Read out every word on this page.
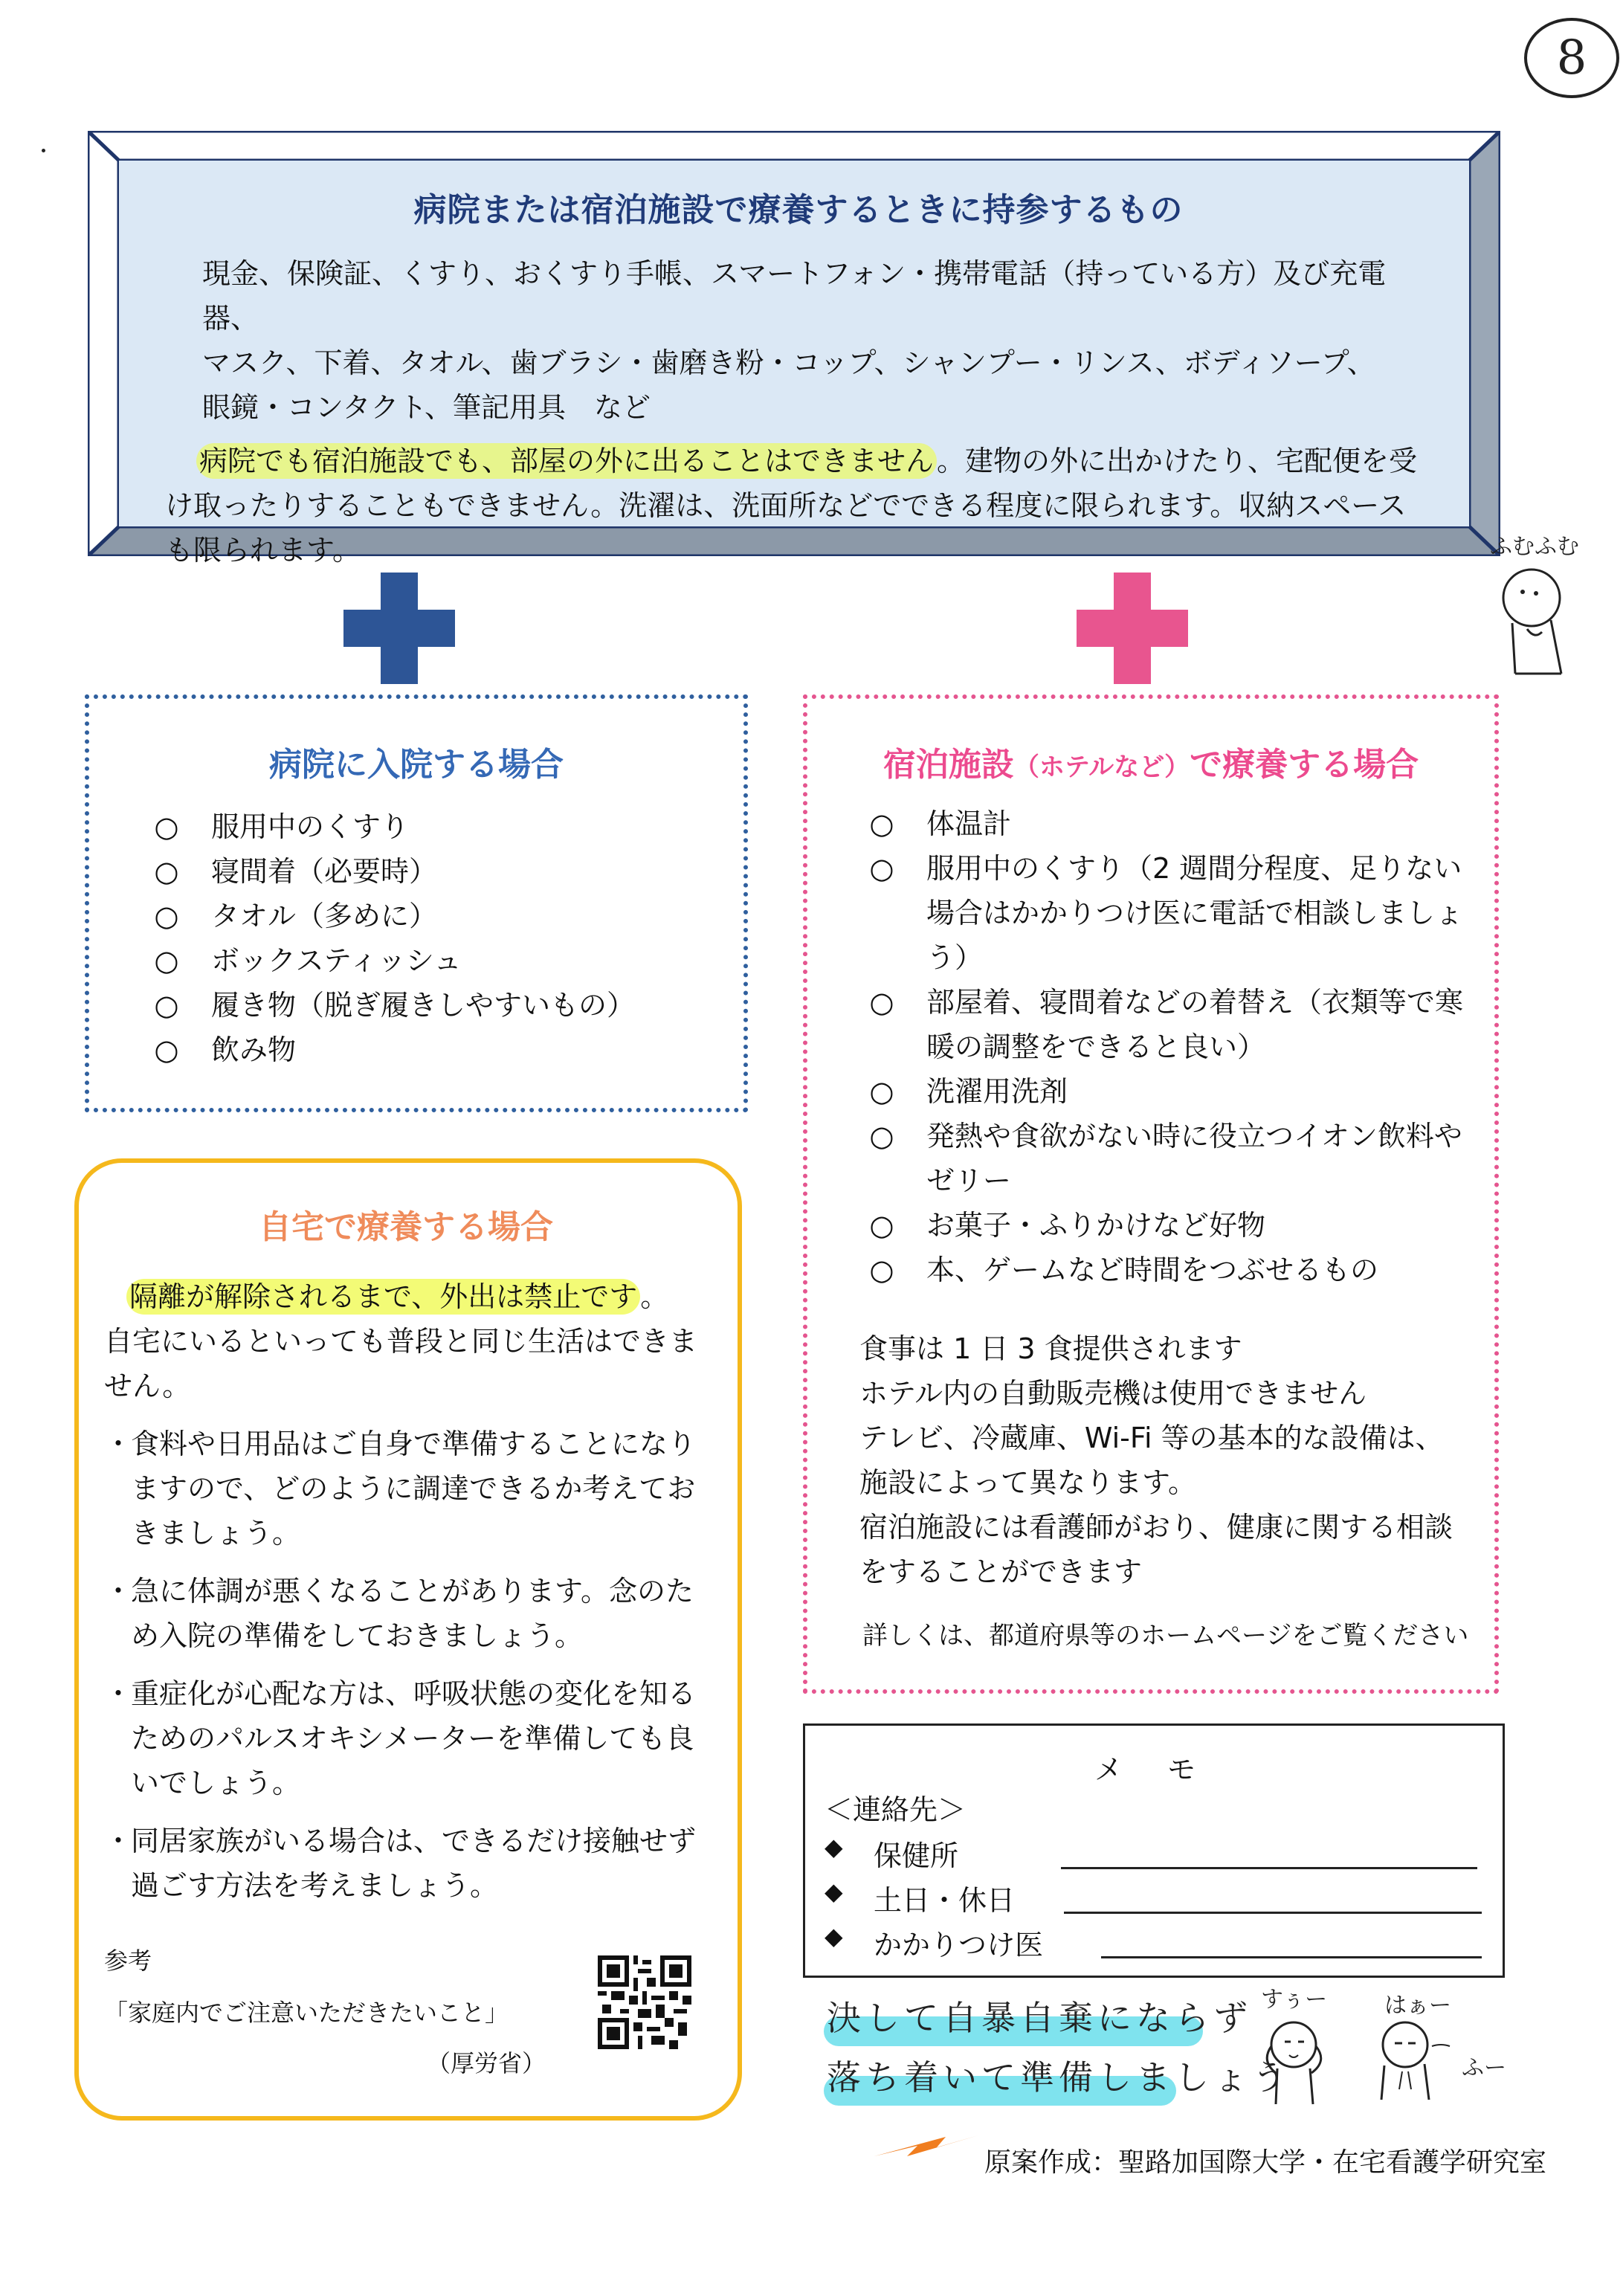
8
病院または宿泊施設で療養するときに持参するもの
現金、保険証、くすり、おくすり手帳、スマートフォン・携帯電話（持っている方）及び充電器、
マスク、下着、タオル、歯ブラシ・歯磨き粉・コップ、シャンプー・リンス、ボディソープ、
眼鏡・コンタクト、筆記用具　など
病院でも宿泊施設でも、部屋の外に出ることはできません 。建物の外に出かけたり、宅配便を受け取ったりすることもできません。洗濯は、洗面所などでできる程度に限られます。収納スペースも限られます。	ふむふむ
病院に入院する場合
○	服用中のくすり
○	寝間着（必要時）
○	タオル（多めに）
○	ボックスティッシュ
○	履き物（脱ぎ履きしやすいもの）
○	飲み物
宿泊施設（ホテルなど）で療養する場合
○	体温計
○	服用中のくすり（2 週間分程度、足りない場合はかかりつけ医に電話で相談しましょう）
○	部屋着、寝間着などの着替え（衣類等で寒暖の調整をできると良い）
○	洗濯用洗剤
○	発熱や食欲がない時に役立つイオン飲料やゼリー
○	お菓子・ふりかけなど好物
○	本、ゲームなど時間をつぶせるもの
食事は 1 日 3 食提供されます
ホテル内の自動販売機は使用できません
テレビ、冷蔵庫、Wi-Fi 等の基本的な設備は、施設によって異なります。
宿泊施設には看護師がおり、健康に関する相談をすることができます
詳しくは、都道府県等のホームページをご覧ください
自宅で療養する場合
隔離が解除されるまで、外出は禁止です 。
自宅にいるといっても普段と同じ生活はできません。
・
食料や日用品はご自身で準備することになりますので、どのように調達できるか考えておきましょう。
・
急に体調が悪くなることがあります。念のため入院の準備をしておきましょう。
・
重症化が心配な方は、呼吸状態の変化を知るためのパルスオキシメーターを準備しても良いでしょう。
・
同居家族がいる場合は、できるだけ接触せず過ごす方法を考えましょう。
参考
「家庭内でご注意いただきたいこと」
（厚労省）
メ モ
＜連絡先＞
◆ 保健所
◆ 土日・休日
◆ かかりつけ医
決して自暴自棄にならず
落ち着いて準備しましょう
すぅー	はぁー
ふー
原案作成：聖路加国際大学・在宅看護学研究室
